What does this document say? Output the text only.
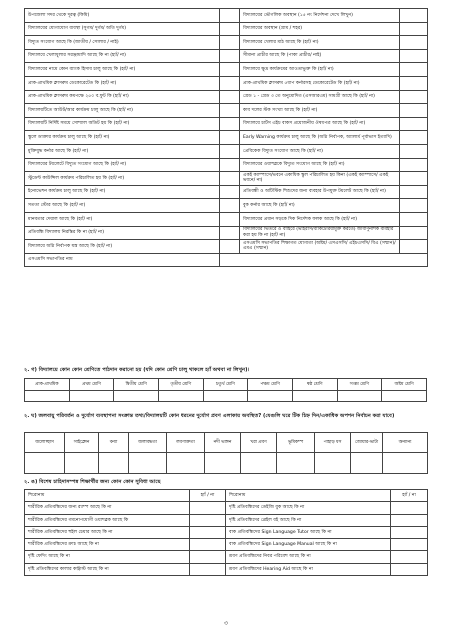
উপজেলা সদর থেকে দূরত্ব (কিমি)		বিদ্যালয়ের ভৌগলিক অবস্থান (১৫ নং নির্দেশনা দেখে লিখুন)	
বিদ্যালয়ের যোগাযোগ ব্যবস্থা (সুগম/ দুর্গম/ অতি দুর্গম)		বিদ্যালয়ের অবস্থান (গ্রাম / শহর)	
বিদ্যুত সংযোগ আছে কি (জাতীয় / সোলার / নাই)		বিদ্যালয়ের খেলার মাঠ আছে কি (হ্যাঁ/ না)	
বিদ্যালয়ে খেলাধুলার সরঞ্জামাদি আছে কি না (হ্যাঁ/ না)		সীমানা প্রাচীর আছে কি (পাকা প্রাচীর/ নাই)	
বিদ্যালয়ের নামে কোন ব্যাংক হিসাব চালু আছে কি (হ্যাঁ/ না)		বিদ্যালয়ে ক্ষুদ্র কার্যক্রমের আওতাভুক্ত কি (হ্যাঁ/ না)	
প্রাক-প্রাথমিক ক্লাসরুম ডেকোরেটেড কি (হ্যাঁ/ না)		প্রাক-প্রাথমিক ক্লাসরুম ৫ধাপ কর্নারসহ ডেকোরেটেড কি (হ্যাঁ/ না)	
প্রাক-প্রাথমিক ক্লাসরুম কমপক্ষে ২৫০ ব.ফুট কি (হ্যাঁ/ না)		গ্রেড ১ - গ্রেড ৩ তে অনুমোদিত (এসআরএম) সামগ্রী আছে কি (হ্যাঁ/ না)	
বিদ্যালয়টিতে আউট/আর কার্যক্রম চালু আছে কি (হ্যাঁ/ না)		কাব দলের স্টক সংখ্যা আছে কি (হ্যাঁ/ না)	
বিদ্যালয়টি নির্দিষ্ট সময়ে সোশ্যাল অডিট হয় কি (হ্যাঁ/ না)		বিদ্যালয়ে চার্টস এইচ বাকস প্রয়োজনীয় ঔষধপত্র আছে কি (হ্যাঁ/ না)	
স্কুলে ডাক্তার কার্যক্রম চালু আছে কি (হ্যাঁ/ না)		Early Warning কার্যক্রম চালু আছে কি (অগ্নি নির্বাপক, অ্যালার্ম পূর্বাভাস ইত্যাদি)	
মুক্তিযুদ্ধ কর্নার আছে কি (হ্যাঁ/ না)		প্রেবিকেক বিদ্যুত সংযোগ আছে কি (হ্যাঁ/ না)	
বিদ্যালয়ের টয়লেটে বিদ্যুত সংযোগ আছে কি (হ্যাঁ/ না)		বিদ্যালয়ের ওয়াশব্লকে বিদ্যুত সংযোগ আছে কি (হ্যাঁ/ না)	
স্টুডেন্ট কাউন্সিল কার্যক্রম পরিচালিত হয় কি (হ্যাঁ/ না)		একই ক্যাম্পাসে/ভবনে একাধিক স্কুল পরিচালিত হয় কিনা (একই ক্যাম্পাসে/ একই ভবনে/ না)	
ইনোভেশন কার্যক্রম চালু আছে কি (হ্যাঁ/ না)		প্রতিবন্ধী ও অটিস্টিক শিশুদের জন্য ব্যবহার উপযুক্ত টয়লেট আছে কি (হ্যাঁ/ না)	
সততা স্টোর আছে কি (হ্যাঁ/ না)		বুক কর্নার আছে কি (হ্যাঁ/ না)	
মানবতার দেয়াল আছে কি (হ্যাঁ/ না)		বিদ্যালয়ের প্রধান সড়কে দিক নির্দেশক ফলক আছে কি (হ্যাঁ/ না)	
প্রতিবন্ধি বিদ্যালয় নিরন্তির কি না (হ্যাঁ/ না)		বিদ্যালয়ের ভিতরে ও বাহিরে (ভাইরাস/ব্যাকটেরিয়ামুক্ত করতে) জীবাণুনাশক ব্যবহার করা হয় কি না (হ্যাঁ/ না)	
বিদ্যালয়ে অগ্নি নির্বাপক যন্ত্র আছে কি (হ্যাঁ/ না)		এসএমসি সভাপতির শিক্ষাগত যোগ্যতা (অষ্টম/ এসএসসি/ এইচএসসি/ বিএ (সম্মান)/ এমএ (সম্মান)	
এসএমসি সভাপতির নাম			
২. গ) বিদ্যালয়ে কোন কোন শ্রেণিতে পাঠদান করানো হয় (যদি কোন শ্রেণি চালু থাকলে হ্যাঁ অথবা না লিখুন)।
প্রাক-প্রাথমিক	প্রথম শ্রেণি	দ্বিতীয় শ্রেণি	তৃতীয় শ্রেণি	চতুর্থ শ্রেণি	পঞ্চম শ্রেণি	ষষ্ঠ শ্রেণি	সপ্তম শ্রেণি	অষ্টম শ্রেণি

২. ঘ) জলবায়ু পরিবর্তন ও দুর্যোগ ব্যবস্থাপনা সংক্রান্ত তথ্য/বিদ্যালয়টি কোন ধরনের দুর্যোগ প্রবণ এলাকায় অবস্থিত? (যেগুলি ঘরে টিক চিহ্ন দিন/একাধিক অপশন নির্বাচন করা যাবে)
জলোচ্ছাস	সাইক্লোন	বন্যা	জলাবদ্ধতা	লবণাক্ততা	নদী ভাঙ্গন	খরা প্রবণ	ভূমিকম্প	পাহাড় ধস	জোয়ার-ভাটা	অন্যান্য

২. ঙ) বিশেষ চাহিদাসম্পন্ন শিক্ষার্থীর জন্য কোন কোন সুবিধা আছে
শিরোনাম	হ্যাঁ / না	শিরোনাম	হ্যাঁ / না
শারীরিক প্রতিবন্ধিদের জন্য র‌্যাম্প আছে কি না		দৃষ্টি প্রতিবন্ধিদের ডেইজি বুক আছে কি না	
শারীরিক প্রতিবন্ধিদের গমনোপযোগী ওয়াশব্লক আছে কি		দৃষ্টি প্রতিবন্ধিদের ব্রেইল বই আছে কি না	
শারীরিক প্রতিবন্ধিদের হুইল চেয়ার আছে কি না		বাক প্রতিবন্ধিদের Sign Language Tutor আছে কি না	
শারীরিক প্রতিবন্ধিদের ক্রাচ আছে কি না		বাক প্রতিবন্ধিদের Sign Language Manual আছে কি না	
দৃষ্টি ফেদিং আছে কি না		শ্রবণ প্রতিবন্ধিদের নিবর পরিবেশ আছে কি না	
দৃষ্টি প্রতিবন্ধিদের কালার কন্ট্রাস্ট আছে কি না		শ্রবণ প্রতিবন্ধিদের Hearing Aid আছে কি না	
৩
